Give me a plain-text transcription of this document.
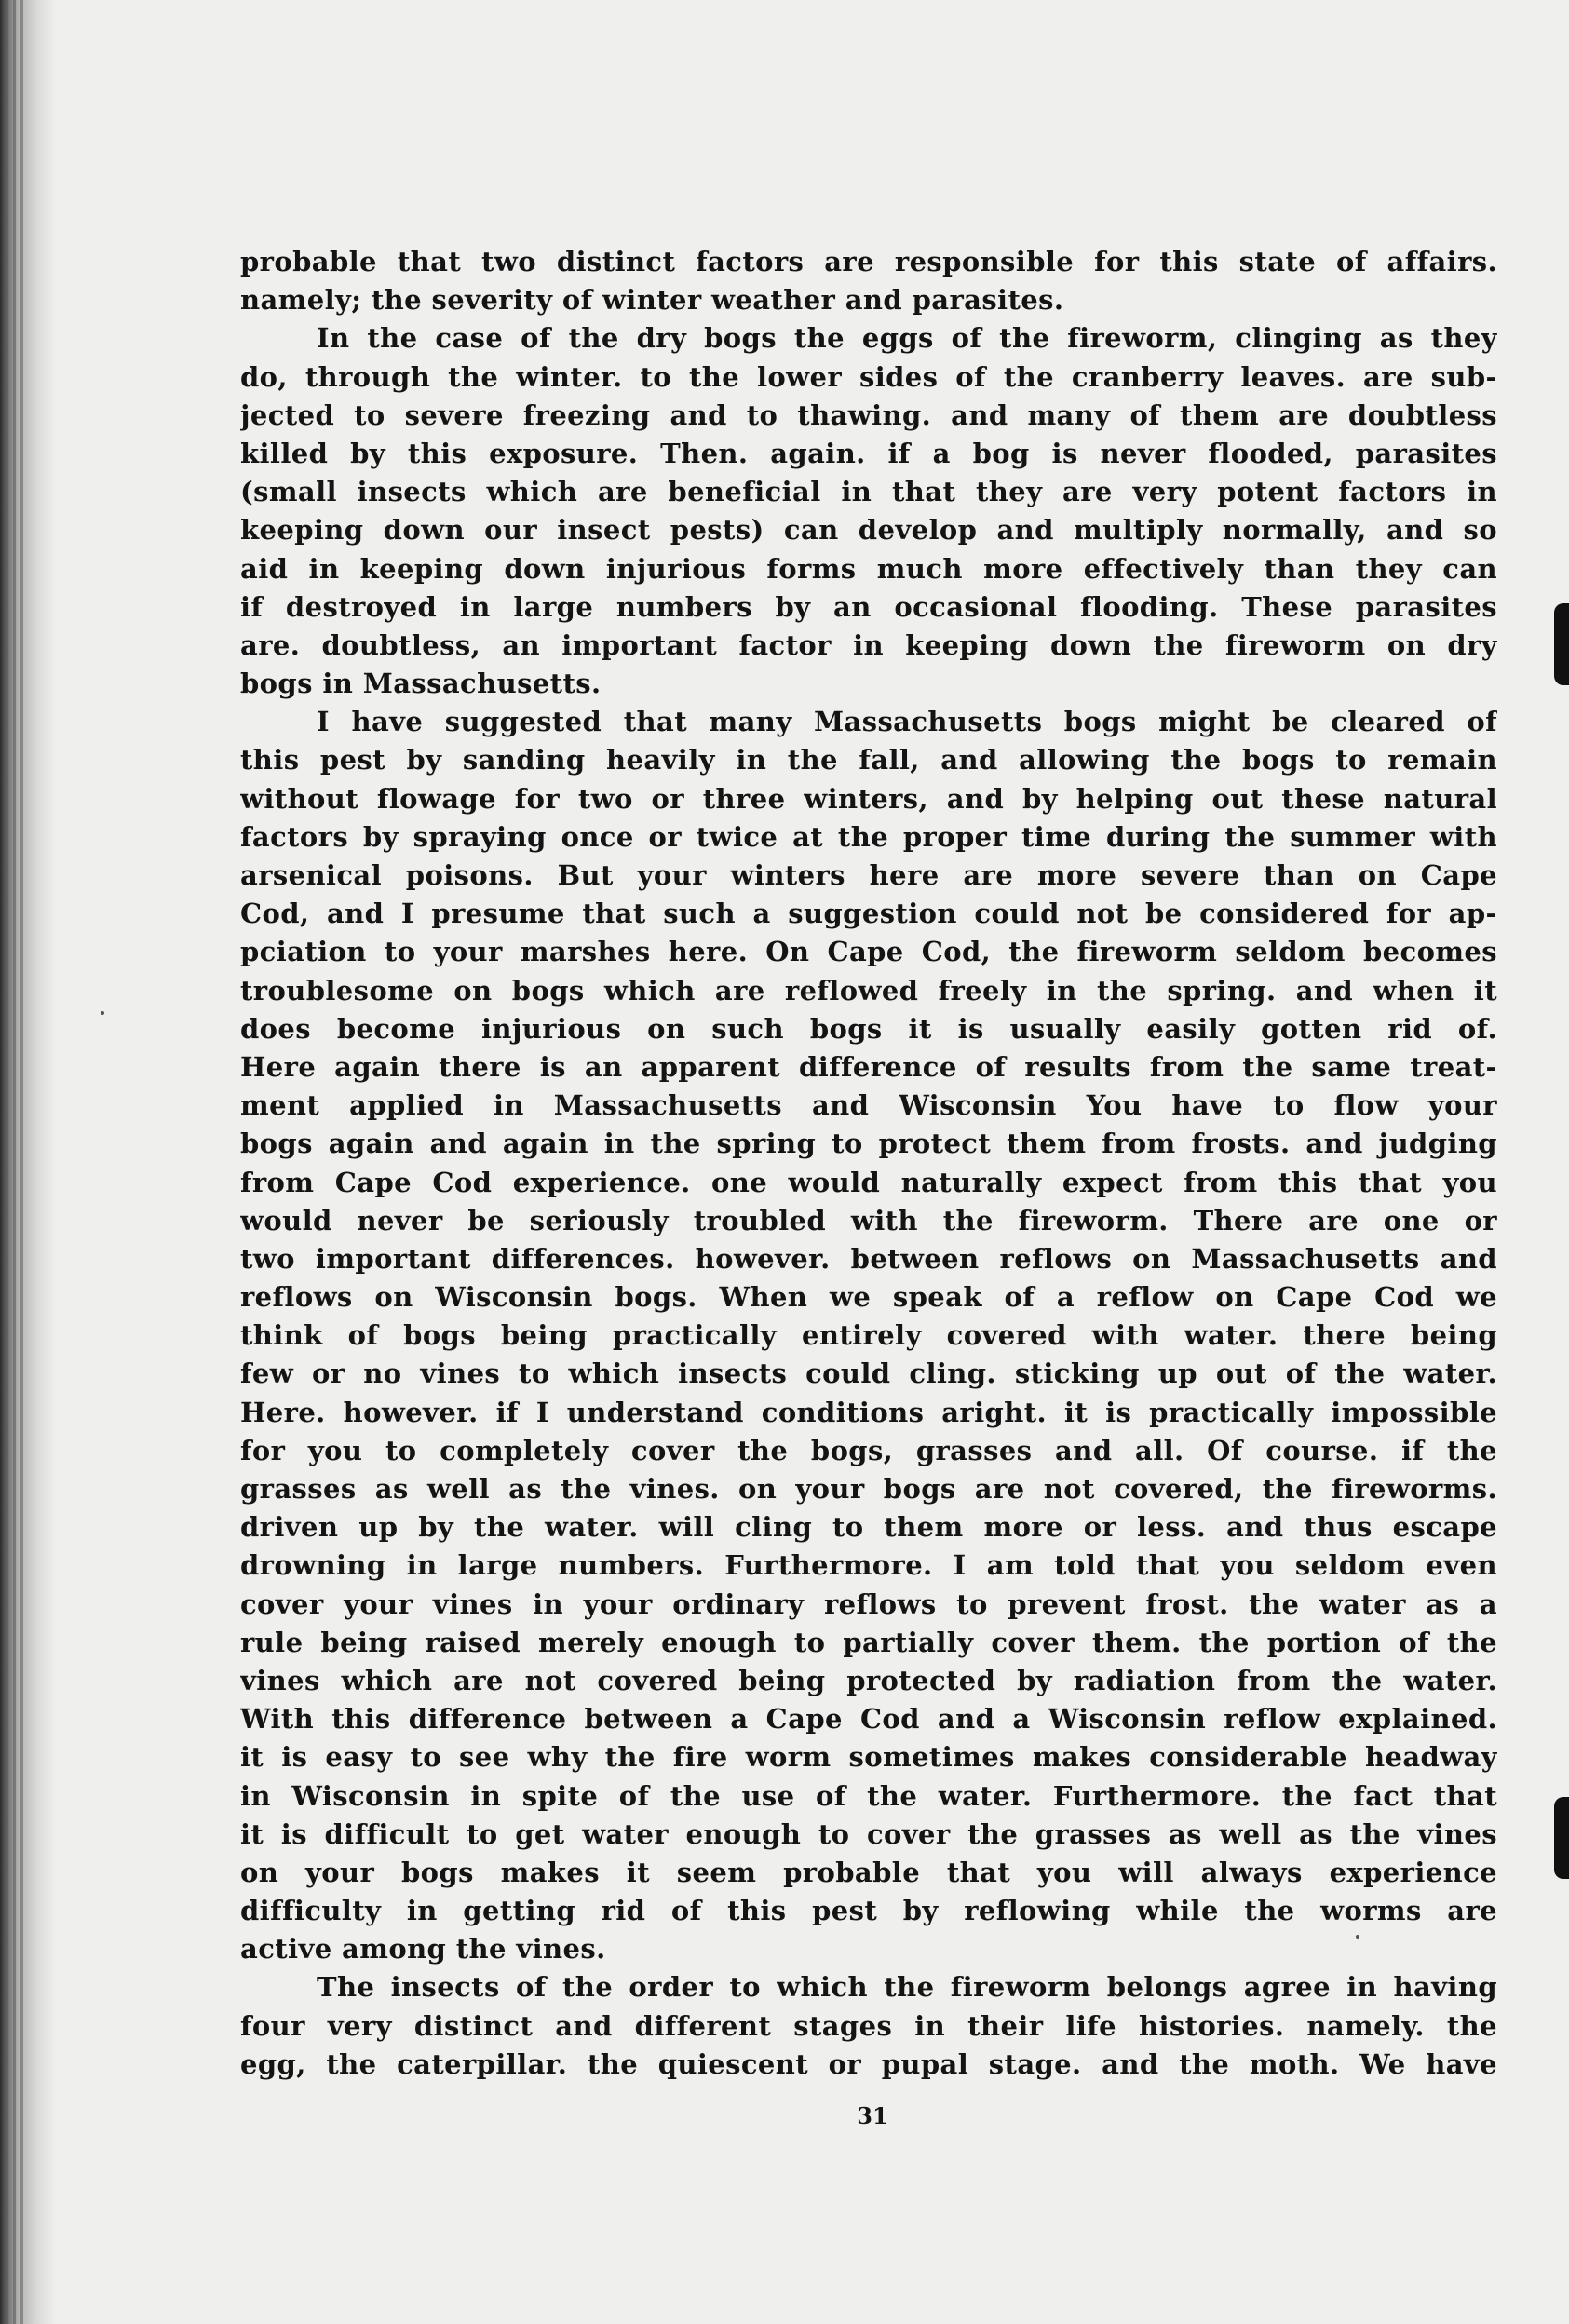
probable that two distinct factors are responsible for this state of affairs.
namely; the severity of winter weather and parasites.
In the case of the dry bogs the eggs of the fireworm, clinging as they
do, through the winter. to the lower sides of the cranberry leaves. are sub-
jected to severe freezing and to thawing. and many of them are doubtless
killed by this exposure. Then. again. if a bog is never flooded, parasites
(small insects which are beneficial in that they are very potent factors in
keeping down our insect pests) can develop and multiply normally, and so
aid in keeping down injurious forms much more effectively than they can
if destroyed in large numbers by an occasional flooding. These parasites
are. doubtless, an important factor in keeping down the fireworm on dry
bogs in Massachusetts.
I have suggested that many Massachusetts bogs might be cleared of
this pest by sanding heavily in the fall, and allowing the bogs to remain
without flowage for two or three winters, and by helping out these natural
factors by spraying once or twice at the proper time during the summer with
arsenical poisons. But your winters here are more severe than on Cape
Cod, and I presume that such a suggestion could not be considered for ap-
pciation to your marshes here. On Cape Cod, the fireworm seldom becomes
troublesome on bogs which are reflowed freely in the spring. and when it
does become injurious on such bogs it is usually easily gotten rid of.
Here again there is an apparent difference of results from the same treat-
ment applied in Massachusetts and Wisconsin You have to flow your
bogs again and again in the spring to protect them from frosts. and judging
from Cape Cod experience. one would naturally expect from this that you
would never be seriously troubled with the fireworm. There are one or
two important differences. however. between reflows on Massachusetts and
reflows on Wisconsin bogs. When we speak of a reflow on Cape Cod we
think of bogs being practically entirely covered with water. there being
few or no vines to which insects could cling. sticking up out of the water.
Here. however. if I understand conditions aright. it is practically impossible
for you to completely cover the bogs, grasses and all. Of course. if the
grasses as well as the vines. on your bogs are not covered, the fireworms.
driven up by the water. will cling to them more or less. and thus escape
drowning in large numbers. Furthermore. I am told that you seldom even
cover your vines in your ordinary reflows to prevent frost. the water as a
rule being raised merely enough to partially cover them. the portion of the
vines which are not covered being protected by radiation from the water.
With this difference between a Cape Cod and a Wisconsin reflow explained.
it is easy to see why the fire worm sometimes makes considerable headway
in Wisconsin in spite of the use of the water. Furthermore. the fact that
it is difficult to get water enough to cover the grasses as well as the vines
on your bogs makes it seem probable that you will always experience
difficulty in getting rid of this pest by reflowing while the worms are
active among the vines.
The insects of the order to which the fireworm belongs agree in having
four very distinct and different stages in their life histories. namely. the
egg, the caterpillar. the quiescent or pupal stage. and the moth. We have
31
